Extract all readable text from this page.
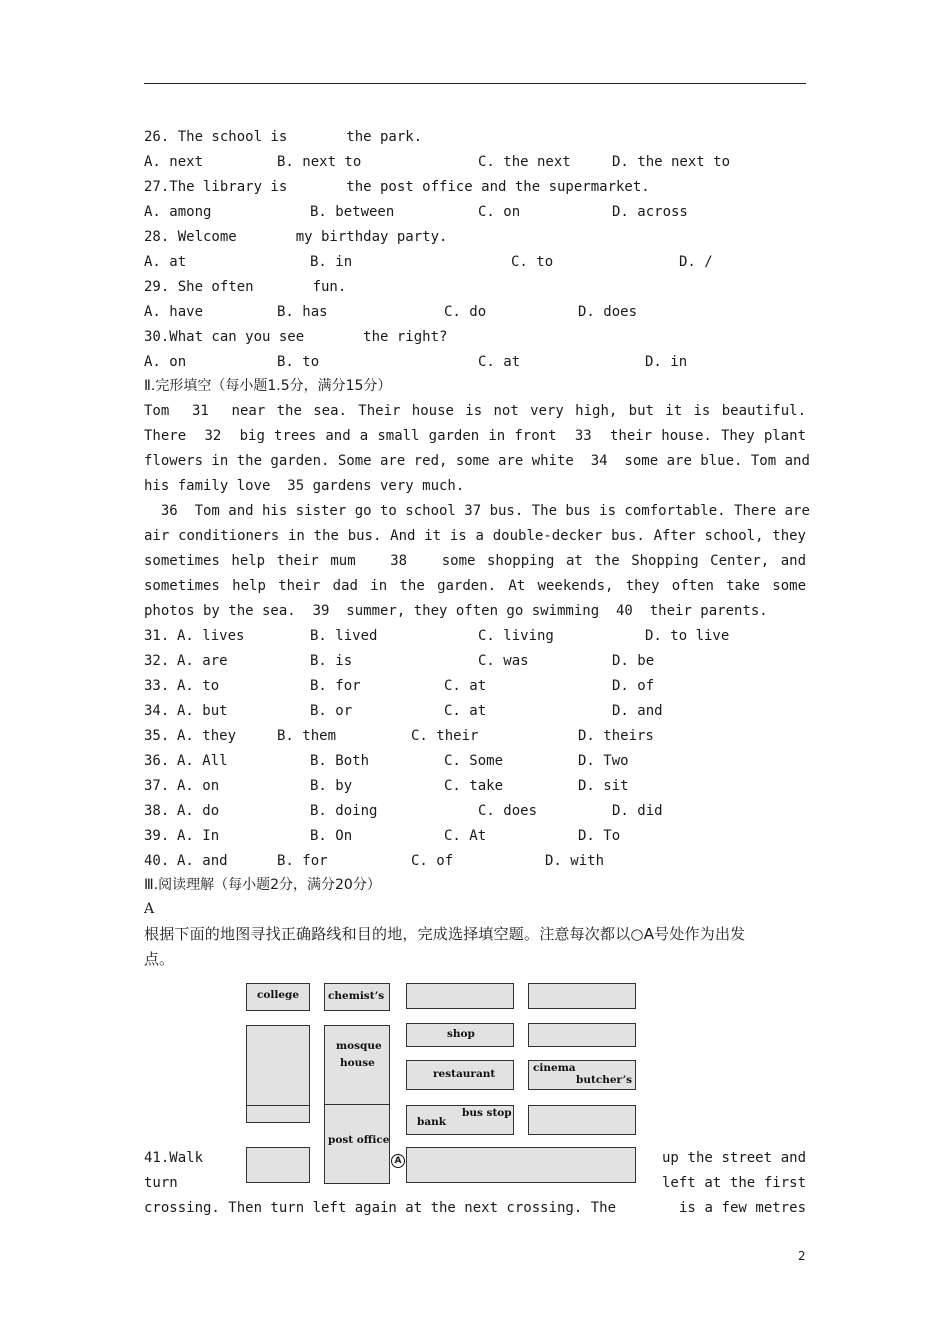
26. The school is       the park.

A. next

	B. next to

	C. the next

	D. the next to

27.The library is       the post office and the supermarket.

A. among

	B. between

	C. on

	D. across

28. Welcome       my birthday party.

A. at

	B. in

	C. to

	D. /

29. She often       fun.

A. have

	B. has

	C. do

	D. does

30.What can you see       the right?

A. on

	B. to

	C. at

	D. in

Ⅱ.完形填空（每小题1.5分，满分15分）
Tom  31  near the sea. Their house is not very high, but it is beautiful.
There  32  big trees and a small garden in front  33  their house. They plant
flowers in the garden. Some are red, some are white  34  some are blue. Tom and
his family love  35 gardens very much.
36  Tom and his sister go to school 37 bus. The bus is comfortable. There are
air conditioners in the bus. And it is a double-decker bus. After school, they
sometimes help their mum   38   some shopping at the Shopping Center, and
sometimes help their dad in the garden. At weekends, they often take some
photos by the sea.  39  summer, they often go swimming  40  their parents.

31.

A. lives

	B. lived

	C. living

	D. to live

32.

A. are

	B. is

	C. was

	D. be

33.

A. to

	B. for

	C. at

	D. of

34.

A. but

	B. or

	C. at

	D. and

35.

A. they

	B. them

	C. their

	D. theirs

36.

A. All

	B. Both

	C. Some

	D. Two

37.

A. on

	B. by

	C. take

	D. sit

38.

A. do

	B. doing

	C. does

	D. did

39.

A. In

	B. On

	C. At

	D. To

40.

A. and

	B. for

	C. of

	D. with

Ⅲ.阅读理解（每小题2分，满分20分）
A
根据下面的地图寻找正确路线和目的地，完成选择填空题。注意每次都以○A号处作为出发
点。
college	chemist’s
mosque
house
shop
restaurant	cinema
butcher’s
bus stop
bank
post office
A
41.Walk
turn
up the street and
left at the first
crossing. Then turn left again at the next crossing. The	is a few metres
2
